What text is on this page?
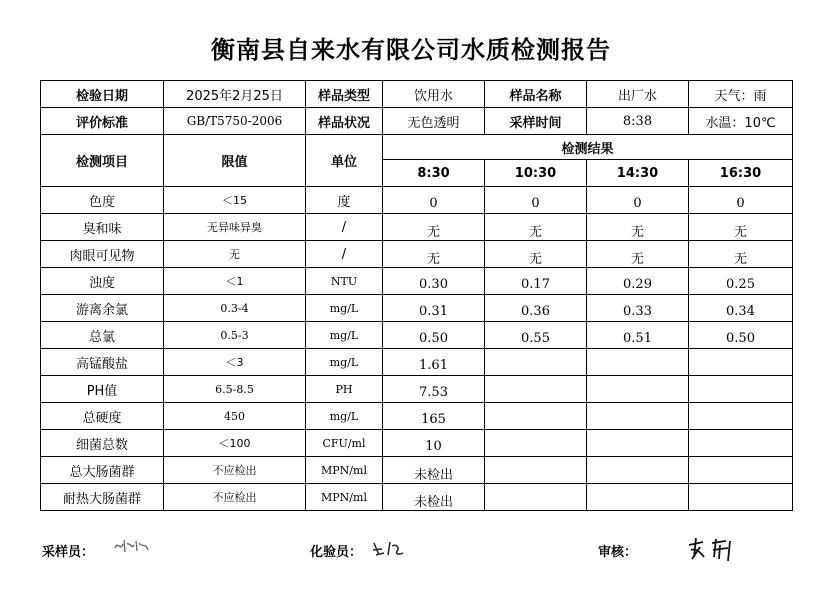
衡南县自来水有限公司水质检测报告
检验日期	2025年2月25日	样品类型	饮用水	样品名称	出厂水	天气：雨
评价标准	GB/T5750-2006	样品状况	无色透明	采样时间	8:38	水温：10℃
检测项目	限值	单位	检测结果			
			8:30	10:30	14:30	16:30
色度	＜15	度	0	0	0	0
臭和味	无异味异臭	/	无	无	无	无
肉眼可见物	无	/	无	无	无	无
浊度	＜1	NTU	0.30	0.17	0.29	0.25
游离余氯	0.3-4	mg/L	0.31	0.36	0.33	0.34
总氯	0.5-3	mg/L	0.50	0.55	0.51	0.50
高锰酸盐	＜3	mg/L	1.61			
PH值	6.5-8.5	PH	7.53			
总硬度	450	mg/L	165			
细菌总数	＜100	CFU/ml	10			
总大肠菌群	不应检出	MPN/ml	未检出			
耐热大肠菌群	不应检出	MPN/ml	未检出			
采样员：	化验员：	审核：
